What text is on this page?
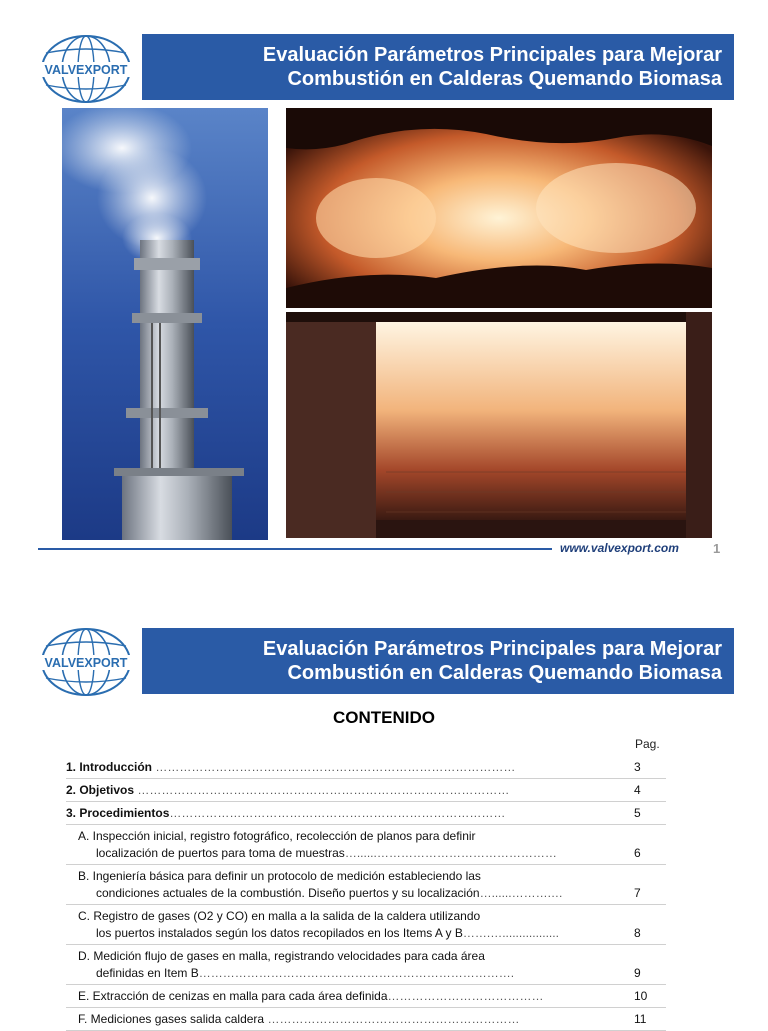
VALVEXPORT
Evaluación Parámetros Principales para Mejorar
Combustión en Calderas Quemando Biomasa
www.valvexport.com	1
VALVEXPORT
Evaluación Parámetros Principales para Mejorar
Combustión en Calderas Quemando Biomasa
CONTENIDO
Pag.
1. Introducción ………………………………………………………………………………	3
2. Objetivos …………………………………………………………………………………	4
3. Procedimientos…………………………………………………………………………	5
A. Inspección inicial, registro fotográfico, recolección de planos para definir
localización de puertos para toma de muestras…......………………………………………	6
B. Ingeniería básica para definir un protocolo de medición estableciendo las
condiciones actuales de la combustión. Diseño puertos y su localización…......……….…	7
C. Registro de gases (O2 y CO) en malla a la salida de la caldera utilizando
los puertos instalados según los datos recopilados en los Items A y B…….….................	8
D. Medición flujo de gases en malla, registrando velocidades para cada área
definidas en Item B…………………………………………………………………….	9
E. Extracción de cenizas en malla para cada área definida…………………………………	10
F. Mediciones gases salida caldera ………………………………………………………	11
